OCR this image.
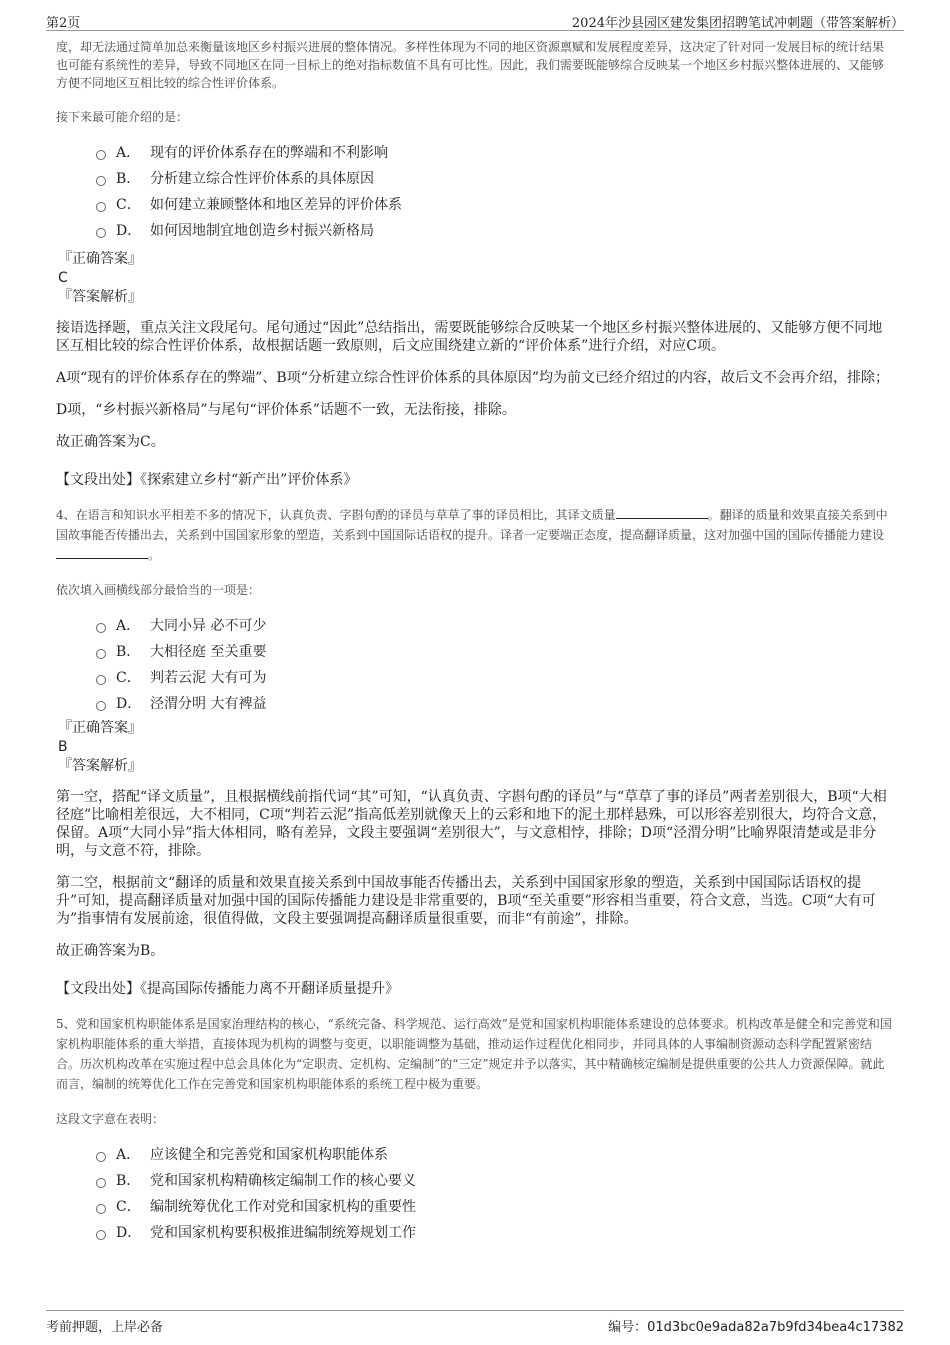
第2页	2024年沙县园区建发集团招聘笔试冲刺题（带答案解析）

度，却无法通过简单加总来衡量该地区乡村振兴进展的整体情况。多样性体现为不同的地区资源禀赋和发展程度差异，这决定了针对同一发展目标的统计结果也可能有系统性的差异，导致不同地区在同一目标上的绝对指标数值不具有可比性。因此，我们需要既能够综合反映某一个地区乡村振兴整体进展的、又能够方便不同地区互相比较的综合性评价体系。

接下来最可能介绍的是：

A． 现有的评价体系存在的弊端和不利影响
B． 分析建立综合性评价体系的具体原因
C． 如何建立兼顾整体和地区差异的评价体系
D． 如何因地制宜地创造乡村振兴新格局

『正确答案』

C

『答案解析』

接语选择题，重点关注文段尾句。尾句通过“因此”总结指出，需要既能够综合反映某一个地区乡村振兴整体进展的、又能够方便不同地区互相比较的综合性评价体系，故根据话题一致原则，后文应围绕建立新的“评价体系”进行介绍，对应C项。

A项“现有的评价体系存在的弊端”、B项“分析建立综合性评价体系的具体原因”均为前文已经介绍过的内容，故后文不会再介绍，排除；

D项，“乡村振兴新格局”与尾句“评价体系”话题不一致，无法衔接，排除。

故正确答案为C。

【文段出处】《探索建立乡村“新产出”评价体系》

4、在语言和知识水平相差不多的情况下，认真负责、字斟句酌的译员与草草了事的译员相比，其译文质量	。翻译的质量和效果直接关系到中国故事能否传播出去，关系到中国国家形象的塑造，关系到中国国际话语权的提升。译者一定要端正态度，提高翻译质量，这对加强中国的国际传播能力建设。

依次填入画横线部分最恰当的一项是：

A． 大同小异 必不可少
B． 大相径庭 至关重要
C． 判若云泥 大有可为
D． 泾渭分明 大有裨益

『正确答案』

B

『答案解析』

第一空，搭配“译文质量”，且根据横线前指代词“其”可知，“认真负责、字斟句酌的译员”与“草草了事的译员”两者差别很大，B项“大相径庭”比喻相差很远，大不相同，C项“判若云泥”指高低差别就像天上的云彩和地下的泥土那样悬殊，可以形容差别很大，均符合文意，保留。A项“大同小异”指大体相同，略有差异，文段主要强调“差别很大”，与文意相悖，排除；D项“泾渭分明”比喻界限清楚或是非分明，与文意不符，排除。

第二空，根据前文“翻译的质量和效果直接关系到中国故事能否传播出去，关系到中国国家形象的塑造，关系到中国国际话语权的提升”可知，提高翻译质量对加强中国的国际传播能力建设是非常重要的，B项“至关重要”形容相当重要，符合文意，当选。C项“大有可为”指事情有发展前途，很值得做，文段主要强调提高翻译质量很重要，而非“有前途”，排除。

故正确答案为B。

【文段出处】《提高国际传播能力离不开翻译质量提升》

5、党和国家机构职能体系是国家治理结构的核心，“系统完备、科学规范、运行高效”是党和国家机构职能体系建设的总体要求。机构改革是健全和完善党和国家机构职能体系的重大举措，直接体现为机构的调整与变更，以职能调整为基础，推动运作过程优化相同步，并同具体的人事编制资源动态科学配置紧密结合。历次机构改革在实施过程中总会具体化为“定职责、定机构、定编制”的“三定”规定并予以落实，其中精确核定编制是提供重要的公共人力资源保障。就此而言，编制的统筹优化工作在完善党和国家机构职能体系的系统工程中极为重要。

这段文字意在表明：

A． 应该健全和完善党和国家机构职能体系
B． 党和国家机构精确核定编制工作的核心要义
C． 编制统筹优化工作对党和国家机构的重要性
D． 党和国家机构要积极推进编制统筹规划工作
考前押题，上岸必备	编号：01d3bc0e9ada82a7b9fd34bea4c17382
